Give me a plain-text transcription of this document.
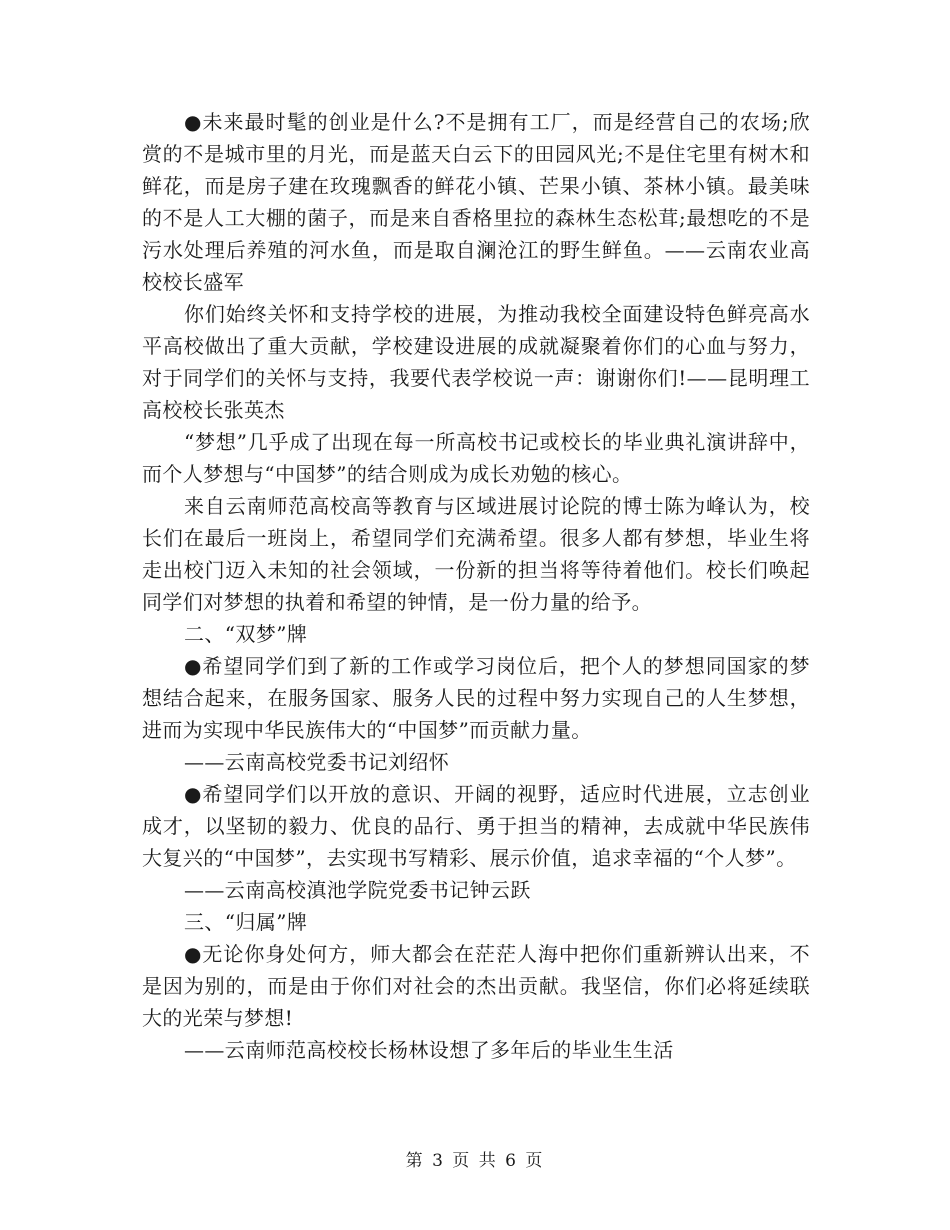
●未来最时髦的创业是什么?不是拥有工厂，而是经营自己的农场;欣赏的不是城市里的月光，而是蓝天白云下的田园风光;不是住宅里有树木和鲜花，而是房子建在玫瑰飘香的鲜花小镇、芒果小镇、茶林小镇。最美味的不是人工大棚的菌子，而是来自香格里拉的森林生态松茸;最想吃的不是污水处理后养殖的河水鱼，而是取自澜沧江的野生鲜鱼。——云南农业高校校长盛军

你们始终关怀和支持学校的进展，为推动我校全面建设特色鲜亮高水平高校做出了重大贡献，学校建设进展的成就凝聚着你们的心血与努力，对于同学们的关怀与支持，我要代表学校说一声：谢谢你们!——昆明理工高校校长张英杰

“梦想”几乎成了出现在每一所高校书记或校长的毕业典礼演讲辞中，而个人梦想与“中国梦”的结合则成为成长劝勉的核心。

来自云南师范高校高等教育与区域进展讨论院的博士陈为峰认为，校长们在最后一班岗上，希望同学们充满希望。很多人都有梦想，毕业生将走出校门迈入未知的社会领域，一份新的担当将等待着他们。校长们唤起同学们对梦想的执着和希望的钟情，是一份力量的给予。

二、“双梦”牌

●希望同学们到了新的工作或学习岗位后，把个人的梦想同国家的梦想结合起来，在服务国家、服务人民的过程中努力实现自己的人生梦想，进而为实现中华民族伟大的“中国梦”而贡献力量。

——云南高校党委书记刘绍怀

●希望同学们以开放的意识、开阔的视野，适应时代进展，立志创业成才，以坚韧的毅力、优良的品行、勇于担当的精神，去成就中华民族伟大复兴的“中国梦”，去实现书写精彩、展示价值，追求幸福的“个人梦”。

——云南高校滇池学院党委书记钟云跃

三、“归属”牌

●无论你身处何方，师大都会在茫茫人海中把你们重新辨认出来，不是因为别的，而是由于你们对社会的杰出贡献。我坚信，你们必将延续联大的光荣与梦想!

——云南师范高校校长杨林设想了多年后的毕业生生活

第 3 页 共 6 页
